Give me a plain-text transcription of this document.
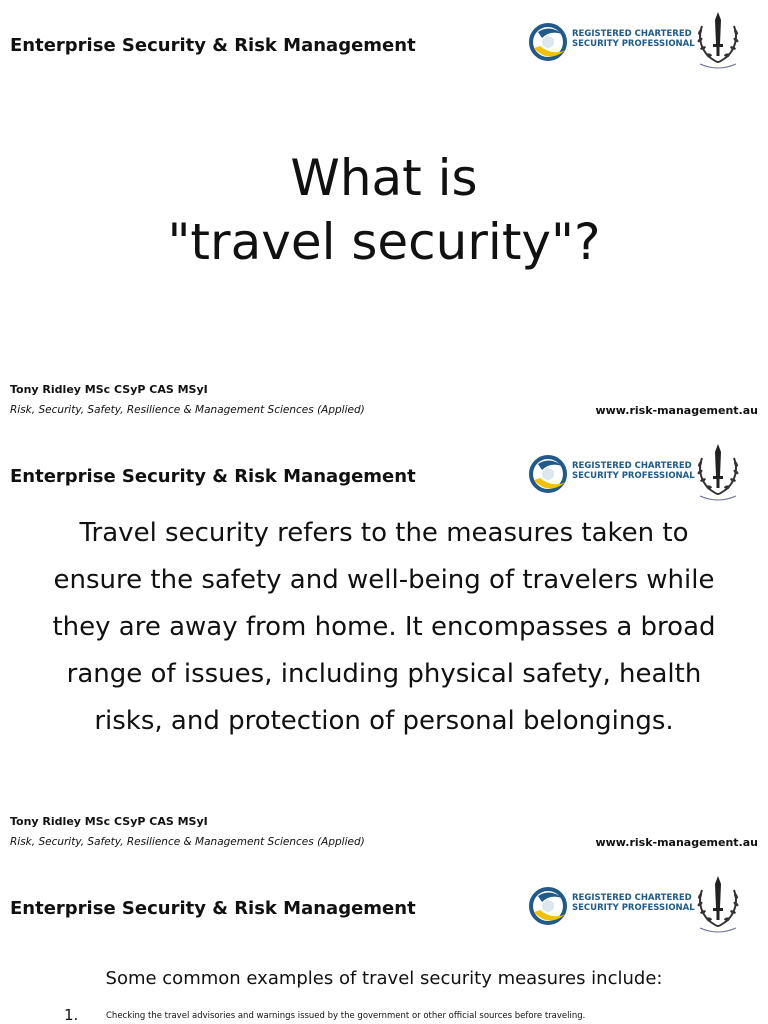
Enterprise Security & Risk Management
REGISTERED CHARTERED
SECURITY PROFESSIONAL
What is
"travel security"?
Tony Ridley MSc CSyP CAS MSyI
Risk, Security, Safety, Resilience & Management Sciences (Applied)	www.risk-management.au
Enterprise Security & Risk Management	REGISTERED CHARTERED
SECURITY PROFESSIONAL
Travel security refers to the measures taken to ensure the safety and well-being of travelers while they are away from home. It encompasses a broad range of issues, including physical safety, health risks, and protection of personal belongings.
Tony Ridley MSc CSyP CAS MSyI
Risk, Security, Safety, Resilience & Management Sciences (Applied)	www.risk-management.au
Enterprise Security & Risk Management	REGISTERED CHARTERED
SECURITY PROFESSIONAL
Some common examples of travel security measures include:
1.	Checking the travel advisories and warnings issued by the government or other official sources before traveling.
